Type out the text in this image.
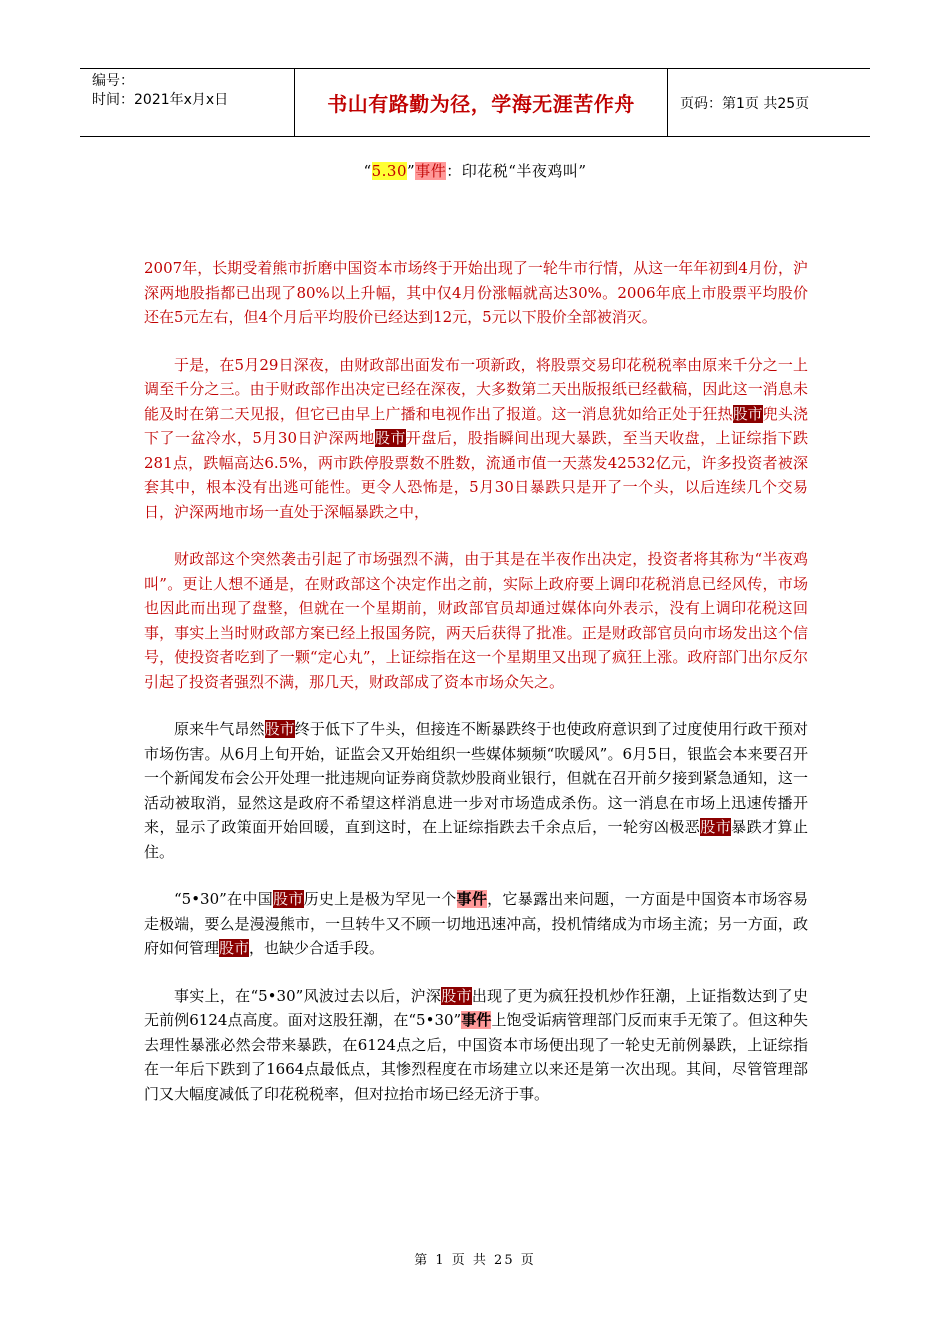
编号：
时间：2021年x月x日	书山有路勤为径，学海无涯苦作舟	页码：第1页 共25页
“5.30”事件：印花税“半夜鸡叫”

2007年，长期受着熊市折磨中国资本市场终于开始出现了一轮牛市行情，从这一年年初到4月份，沪深两地股指都已出现了80%以上升幅，其中仅4月份涨幅就高达30%。2006年底上市股票平均股价还在5元左右，但4个月后平均股价已经达到12元，5元以下股价全部被消灭。

于是，在5月29日深夜，由财政部出面发布一项新政，将股票交易印花税税率由原来千分之一上调至千分之三。由于财政部作出决定已经在深夜，大多数第二天出版报纸已经截稿，因此这一消息未能及时在第二天见报，但它已由早上广播和电视作出了报道。这一消息犹如给正处于狂热股市兜头浇下了一盆冷水，5月30日沪深两地股市开盘后，股指瞬间出现大暴跌，至当天收盘，上证综指下跌281点，跌幅高达6.5%，两市跌停股票数不胜数，流通市值一天蒸发42532亿元，许多投资者被深套其中，根本没有出逃可能性。更令人恐怖是，5月30日暴跌只是开了一个头，以后连续几个交易日，沪深两地市场一直处于深幅暴跌之中，

财政部这个突然袭击引起了市场强烈不满，由于其是在半夜作出决定，投资者将其称为“半夜鸡叫”。更让人想不通是，在财政部这个决定作出之前，实际上政府要上调印花税消息已经风传，市场也因此而出现了盘整，但就在一个星期前，财政部官员却通过媒体向外表示，没有上调印花税这回事，事实上当时财政部方案已经上报国务院，两天后获得了批准。正是财政部官员向市场发出这个信号，使投资者吃到了一颗“定心丸”，上证综指在这一个星期里又出现了疯狂上涨。政府部门出尔反尔引起了投资者强烈不满，那几天，财政部成了资本市场众矢之。

原来牛气昂然股市终于低下了牛头，但接连不断暴跌终于也使政府意识到了过度使用行政干预对市场伤害。从6月上旬开始，证监会又开始组织一些媒体频频“吹暖风”。6月5日，银监会本来要召开一个新闻发布会公开处理一批违规向证券商贷款炒股商业银行，但就在召开前夕接到紧急通知，这一活动被取消，显然这是政府不希望这样消息进一步对市场造成杀伤。这一消息在市场上迅速传播开来，显示了政策面开始回暖，直到这时，在上证综指跌去千余点后，一轮穷凶极恶股市暴跌才算止住。

“5•30”在中国股市历史上是极为罕见一个事件，它暴露出来问题，一方面是中国资本市场容易走极端，要么是漫漫熊市，一旦转牛又不顾一切地迅速冲高，投机情绪成为市场主流；另一方面，政府如何管理股市，也缺少合适手段。

事实上，在“5•30”风波过去以后，沪深股市出现了更为疯狂投机炒作狂潮，上证指数达到了史无前例6124点高度。面对这股狂潮，在“5•30”事件上饱受诟病管理部门反而束手无策了。但这种失去理性暴涨必然会带来暴跌，在6124点之后，中国资本市场便出现了一轮史无前例暴跌，上证综指在一年后下跌到了1664点最低点，其惨烈程度在市场建立以来还是第一次出现。其间，尽管管理部门又大幅度减低了印花税税率，但对拉抬市场已经无济于事。

第 1 页 共 25 页
